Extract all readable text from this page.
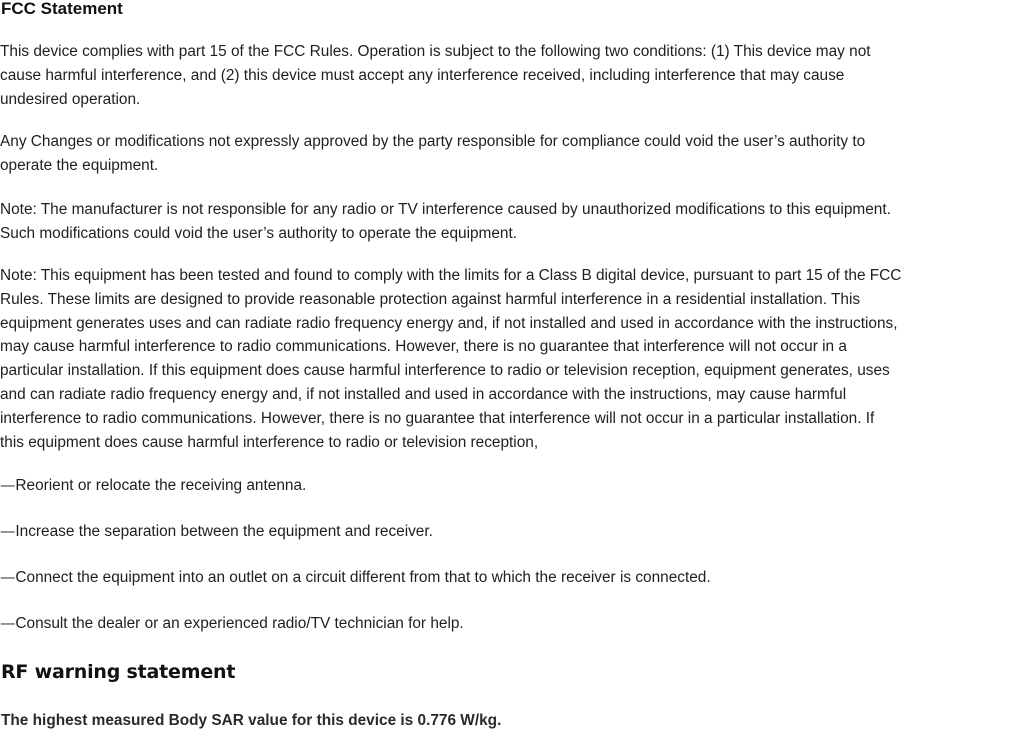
FCC Statement

This device complies with part 15 of the FCC Rules. Operation is subject to the following two conditions: (1) This device may not
cause harmful interference, and (2) this device must accept any interference received, including interference that may cause
undesired operation.

Any Changes or modifications not expressly approved by the party responsible for compliance could void the user’s authority to
operate the equipment.

Note: The manufacturer is not responsible for any radio or TV interference caused by unauthorized modifications to this equipment.
Such modifications could void the user’s authority to operate the equipment.

Note: This equipment has been tested and found to comply with the limits for a Class B digital device, pursuant to part 15 of the FCC
Rules. These limits are designed to provide reasonable protection against harmful interference in a residential installation. This
equipment generates uses and can radiate radio frequency energy and, if not installed and used in accordance with the instructions,
may cause harmful interference to radio communications. However, there is no guarantee that interference will not occur in a
particular installation. If this equipment does cause harmful interference to radio or television reception, equipment generates, uses
and can radiate radio frequency energy and, if not installed and used in accordance with the instructions, may cause harmful
interference to radio communications. However, there is no guarantee that interference will not occur in a particular installation. If
this equipment does cause harmful interference to radio or television reception,

—Reorient or relocate the receiving antenna.

—Increase the separation between the equipment and receiver.

—Connect the equipment into an outlet on a circuit different from that to which the receiver is connected.

—Consult the dealer or an experienced radio/TV technician for help.

RF warning statement

The highest measured Body SAR value for this device is 0.776 W/kg.
